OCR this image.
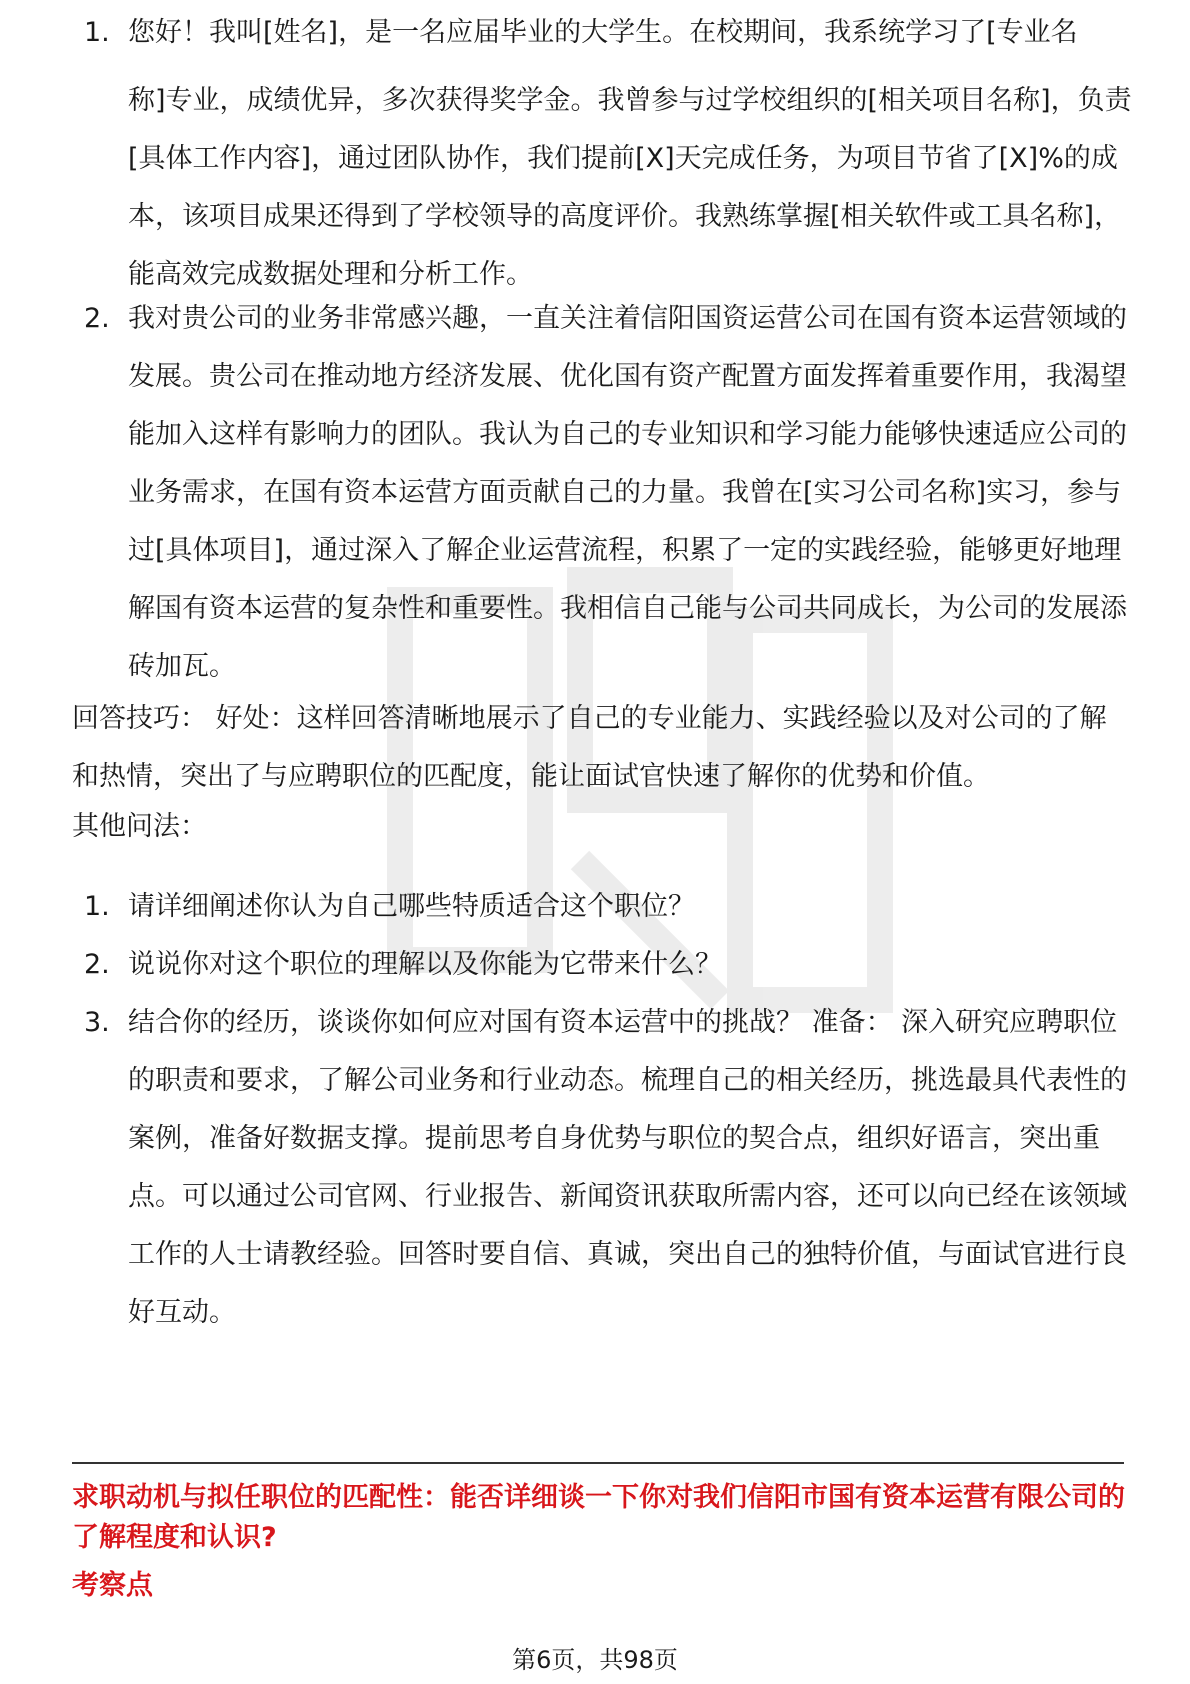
1. 您好！我叫[姓名]，是一名应届毕业的大学生。在校期间，我系统学习了[专业名
称]专业，成绩优异，多次获得奖学金。我曾参与过学校组织的[相关项目名称]，负责[具体工作内容]，通过团队协作，我们提前[X]天完成任务，为项目节省了[X]%的成本，该项目成果还得到了学校领导的高度评价。我熟练掌握[相关软件或工具名称]，能高效完成数据处理和分析工作。
2. 我对贵公司的业务非常感兴趣，一直关注着信阳国资运营公司在国有资本运营领域的发展。贵公司在推动地方经济发展、优化国有资产配置方面发挥着重要作用，我渴望能加入这样有影响力的团队。我认为自己的专业知识和学习能力能够快速适应公司的业务需求，在国有资本运营方面贡献自己的力量。我曾在[实习公司名称]实习，参与过[具体项目]，通过深入了解企业运营流程，积累了一定的实践经验，能够更好地理解国有资本运营的复杂性和重要性。我相信自己能与公司共同成长，为公司的发展添砖加瓦。

回答技巧： 好处：这样回答清晰地展示了自己的专业能力、实践经验以及对公司的了解和热情，突出了与应聘职位的匹配度，能让面试官快速了解你的优势和价值。

其他问法：

1. 请详细阐述你认为自己哪些特质适合这个职位？
2. 说说你对这个职位的理解以及你能为它带来什么？
3. 结合你的经历，谈谈你如何应对国有资本运营中的挑战？ 准备： 深入研究应聘职位的职责和要求，了解公司业务和行业动态。梳理自己的相关经历，挑选最具代表性的案例，准备好数据支撑。提前思考自身优势与职位的契合点，组织好语言，突出重点。可以通过公司官网、行业报告、新闻资讯获取所需内容，还可以向已经在该领域工作的人士请教经验。回答时要自信、真诚，突出自己的独特价值，与面试官进行良好互动。

求职动机与拟任职位的匹配性：能否详细谈一下你对我们信阳市国有资本运营有限公司的了解程度和认识?

考察点

第6页，共98页
